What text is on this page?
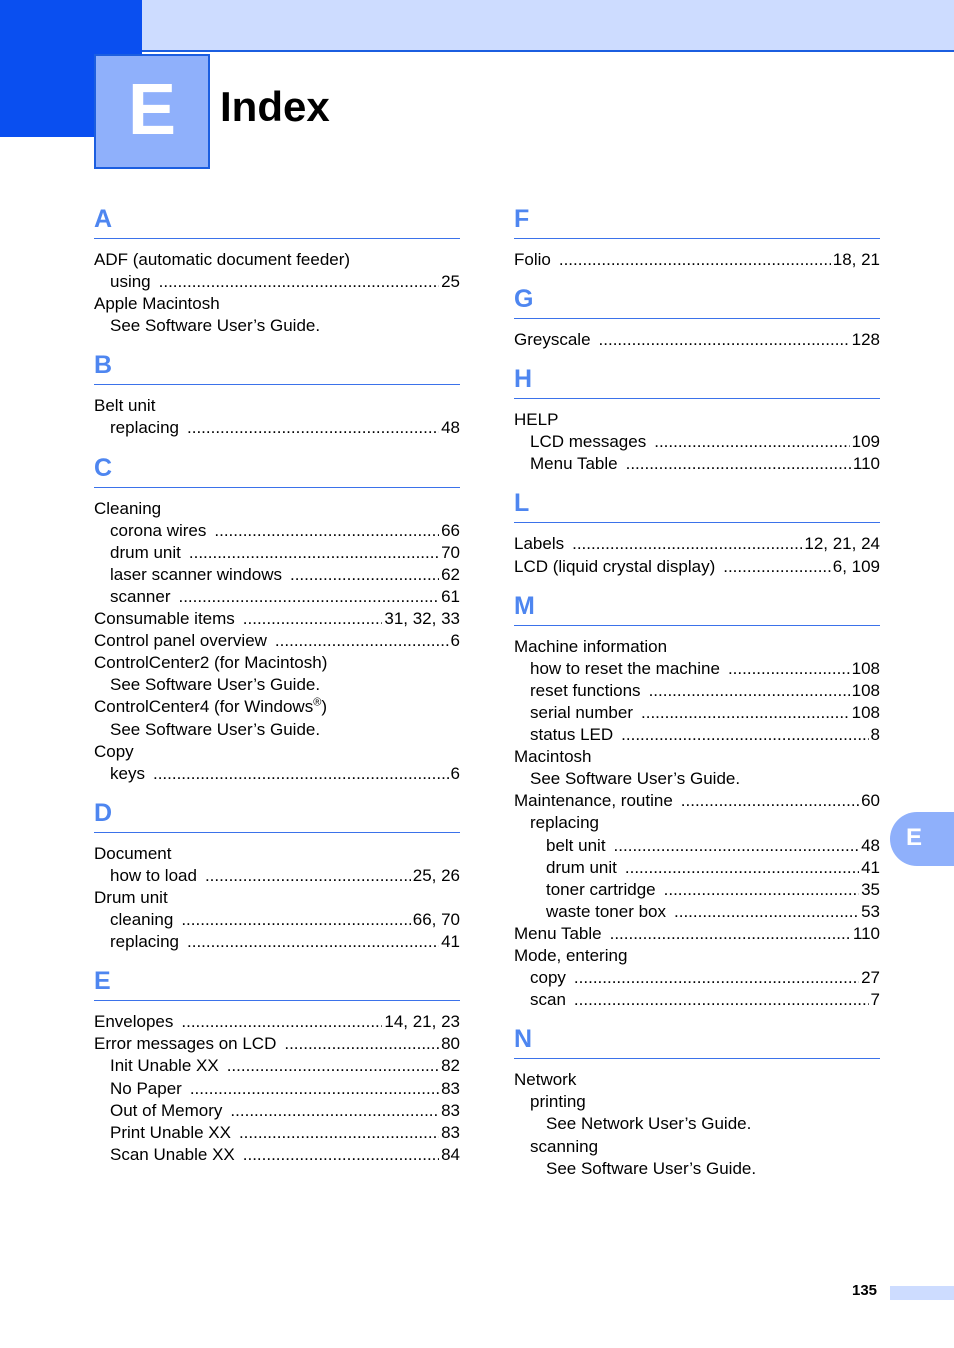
E	Index
A
ADF (automatic document feeder)
using .....	25
Apple Macintosh
See Software User’s Guide.
B
Belt unit
replacing .....	48
C
Cleaning
corona wires .....	66
drum unit .....	70
laser scanner windows .....	62
scanner .....	61
Consumable items .....	31, 32, 33
Control panel overview .....	6
ControlCenter2 (for Macintosh)
See Software User’s Guide.
ControlCenter4 (for Windows®)
See Software User’s Guide.
Copy
keys .....	6
D
Document
how to load .....	25, 26
Drum unit
cleaning .....	66, 70
replacing .....	41
E
Envelopes .....	14, 21, 23
Error messages on LCD .....	80
Init Unable XX .....	82
No Paper .....	83
Out of Memory .....	83
Print Unable XX .....	83
Scan Unable XX .....	84
F
Folio .....	18, 21
G
Greyscale .....	128
H
HELP
LCD messages .....	109
Menu Table .....	110
L
Labels .....	12, 21, 24
LCD (liquid crystal display) .....	6, 109
M
Machine information
how to reset the machine .....	108
reset functions .....	108
serial number .....	108
status LED .....	8
Macintosh
See Software User’s Guide.
Maintenance, routine .....	60
replacing
belt unit .....	48
drum unit .....	41
toner cartridge .....	35
waste toner box .....	53
Menu Table .....	110
Mode, entering
copy .....	27
scan .....	7
N
Network
printing
See Network User’s Guide.
scanning
See Software User’s Guide.
E
135
